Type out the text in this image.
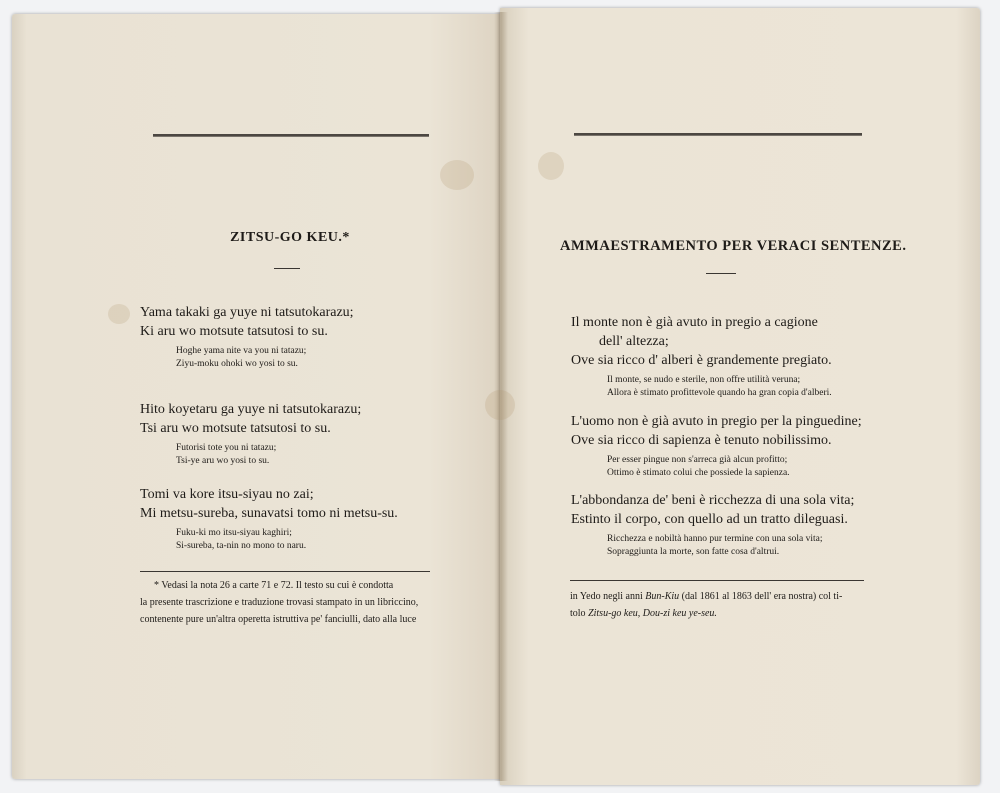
ZITSU-GO KEU.*
Yama takaki ga yuye ni tatsutokarazu;
Ki aru wo motsute tatsutosi to su.
Hoghe yama nite va you ni tatazu;
Ziyu-moku ohoki wo yosi to su.
Hito koyetaru ga yuye ni tatsutokarazu;
Tsi aru wo motsute tatsutosi to su.
Futorisi tote you ni tatazu;
Tsi-ye aru wo yosi to su.
Tomi va kore itsu-siyau no zai;
Mi metsu-sureba, sunavatsi tomo ni metsu-su.
Fuku-ki mo itsu-siyau kaghiri;
Si-sureba, ta-nin no mono to naru.
* Vedasi la nota 26 a carte 71 e 72. Il testo su cui è condotta
la presente trascrizione e traduzione trovasi stampato in un libriccino,
contenente pure un'altra operetta istruttiva pe' fanciulli, dato alla luce
AMMAESTRAMENTO PER VERACI SENTENZE.
Il monte non è già avuto in pregio a cagione
dell' altezza;
Ove sia ricco d' alberi è grandemente pregiato.
Il monte, se nudo e sterile, non offre utilità veruna;
Allora è stimato profittevole quando ha gran copia d'alberi.
L'uomo non è già avuto in pregio per la pinguedine;
Ove sia ricco di sapienza è tenuto nobilissimo.
Per esser pingue non s'arreca già alcun profitto;
Ottimo è stimato colui che possiede la sapienza.
L'abbondanza de' beni è ricchezza di una sola vita;
Estinto il corpo, con quello ad un tratto dileguasi.
Ricchezza e nobiltà hanno pur termine con una sola vita;
Sopraggiunta la morte, son fatte cosa d'altrui.
in Yedo negli anni Bun-Kiu (dal 1861 al 1863 dell' era nostra) col ti-
tolo Zitsu-go keu, Dou-zi keu ye-seu.
